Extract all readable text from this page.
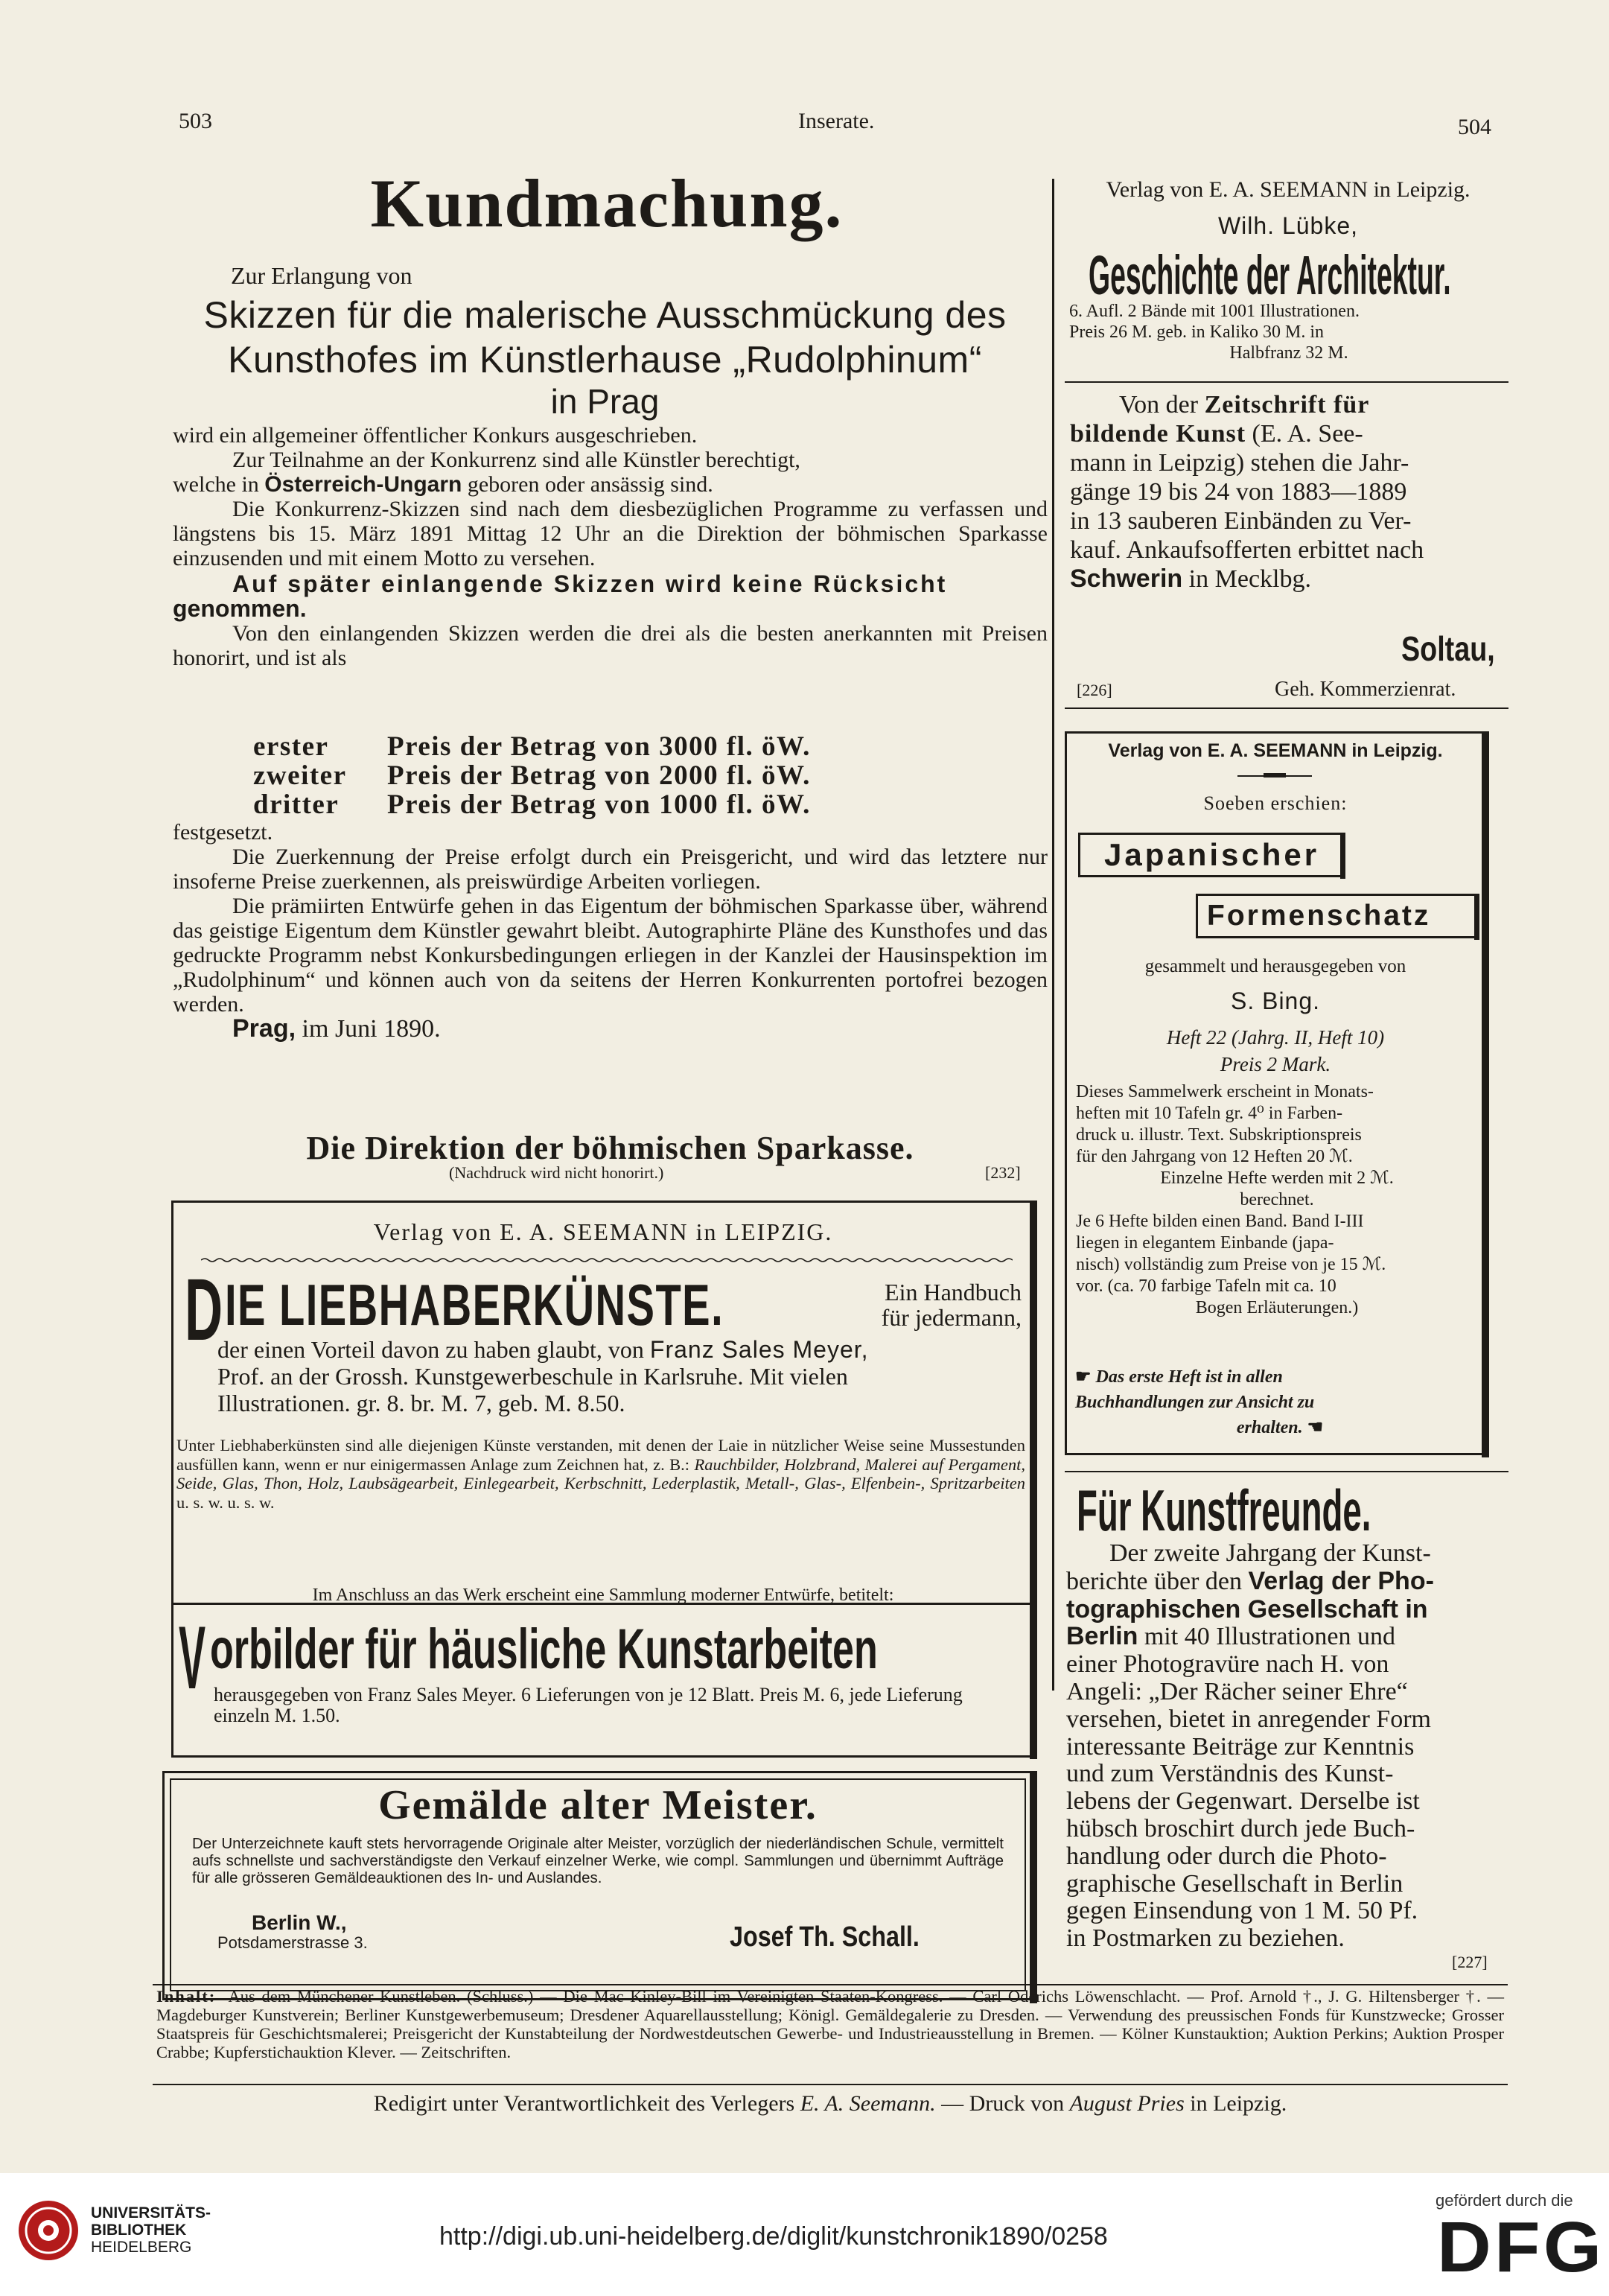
503	Inserate.	504
Kundmachung.
Zur Erlangung von
Skizzen für die malerische Ausschmückung des
Kunsthofes im Künstlerhause „Rudolphinum“
in Prag

wird ein allgemeiner öffentlicher Konkurs ausgeschrieben.

Zur Teilnahme an der Konkurrenz sind alle Künstler berechtigt,

welche in Österreich-Ungarn geboren oder ansässig sind.

Die Konkurrenz-Skizzen sind nach dem diesbezüglichen Programme zu verfassen und längstens bis 15. März 1891 Mittag 12 Uhr an die Direktion der böhmischen Sparkasse einzusenden und mit einem Motto zu versehen.

Auf später einlangende Skizzen wird keine Rücksicht

genommen.

Von den einlangenden Skizzen werden die drei als die besten anerkannten mit Preisen honorirt, und ist als

erster Preis der Betrag von 3000 fl. öW.
zweiter Preis der Betrag von 2000 fl. öW.
dritter Preis der Betrag von 1000 fl. öW.

festgesetzt.

Die Zuerkennung der Preise erfolgt durch ein Preisgericht, und wird das letztere nur insoferne Preise zuerkennen, als preiswürdige Arbeiten vorliegen.

Die prämiirten Entwürfe gehen in das Eigentum der böhmischen Sparkasse über, während das geistige Eigentum dem Künstler gewahrt bleibt. Autographirte Pläne des Kunsthofes und das gedruckte Programm nebst Konkursbedingungen erliegen in der Kanzlei der Hausinspektion im „Rudolphinum“ und können auch von da seitens der Herren Konkurrenten portofrei bezogen werden.

Prag, im Juni 1890.

Die Direktion der böhmischen Sparkasse.
(Nachdruck wird nicht honorirt.)	[232]
Verlag von E. A. SEEMANN in LEIPZIG.
D IE LIEBHABERKÜNSTE.	Ein Handbuch
für jedermann,
der einen Vorteil davon zu haben glaubt, von Franz Sales Meyer,
Prof. an der Grossh. Kunstgewerbeschule in Karlsruhe. Mit vielen
Illustrationen. gr. 8. br. M. 7, geb. M. 8.50.
Unter Liebhaberkünsten sind alle diejenigen Künste verstanden, mit denen der Laie in nützlicher Weise seine Mussestunden ausfüllen kann, wenn er nur einigermassen Anlage zum Zeichnen hat, z. B.: Rauchbilder, Holzbrand, Malerei auf Pergament, Seide, Glas, Thon, Holz, Laubsägearbeit, Einlegearbeit, Kerbschnitt, Lederplastik, Metall-, Glas-, Elfenbein-, Spritzarbeiten u. s. w. u. s. w.
Im Anschluss an das Werk erscheint eine Sammlung moderner Entwürfe, betitelt:
V orbilder für häusliche Kunstarbeiten
herausgegeben von Franz Sales Meyer. 6 Lieferungen von je 12 Blatt. Preis M. 6, jede Lieferung einzeln M. 1.50.
Gemälde alter Meister.
Der Unterzeichnete kauft stets hervorragende Originale alter Meister, vorzüglich der niederländischen Schule, vermittelt aufs schnellste und sachverständigste den Verkauf einzelner Werke, wie compl. Sammlungen und übernimmt Aufträge für alle grösseren Gemäldeauktionen des In- und Auslandes.
Berlin W.,
Potsdamerstrasse 3.	Josef Th. Schall.
Verlag von E. A. SEEMANN in Leipzig.
Wilh. Lübke,
Geschichte der Architektur.
6. Aufl. 2 Bände mit 1001 Illustrationen.
Preis 26 M. geb. in Kaliko 30 M. in
Halbfranz 32 M.
Von der Zeitschrift für
bildende Kunst (E. A. See-
mann in Leipzig) stehen die Jahr-
gänge 19 bis 24 von 1883—1889
in 13 sauberen Einbänden zu Ver-
kauf. Ankaufsofferten erbittet nach
Schwerin in Mecklbg.
Soltau,
[226]	Geh. Kommerzienrat.
Verlag von E. A. SEEMANN in Leipzig.
Soeben erschien:
Japanischer
Formenschatz
gesammelt und herausgegeben von
S. Bing.
Heft 22 (Jahrg. II, Heft 10)
Preis 2 Mark.
Dieses Sammelwerk erscheint in Monats-
heften mit 10 Tafeln gr. 4⁰ in Farben-
druck u. illustr. Text. Subskriptionspreis
für den Jahrgang von 12 Heften 20 ℳ.
Einzelne Hefte werden mit 2 ℳ.
berechnet.
Je 6 Hefte bilden einen Band. Band I-III
liegen in elegantem Einbande (japa-
nisch) vollständig zum Preise von je 15 ℳ.
vor. (ca. 70 farbige Tafeln mit ca. 10
Bogen Erläuterungen.)
☛ Das erste Heft ist in allen
Buchhandlungen zur Ansicht zu
erhalten. ☚
Für Kunstfreunde.
Der zweite Jahrgang der Kunst-
berichte über den Verlag der Pho-
tographischen Gesellschaft in
Berlin mit 40 Illustrationen und
einer Photogravüre nach H. von
Angeli: „Der Rächer seiner Ehre“
versehen, bietet in anregender Form
interessante Beiträge zur Kenntnis
und zum Verständnis des Kunst-
lebens der Gegenwart. Derselbe ist
hübsch broschirt durch jede Buch-
handlung oder durch die Photo-
graphische Gesellschaft in Berlin
gegen Einsendung von 1 M. 50 Pf.
in Postmarken zu beziehen.
[227]
Inhalt: Aus dem Münchener Kunstleben. (Schluss.) — Die Mac Kinley-Bill im Vereinigten Staaten-Kongress. — Carl Oderichs Löwenschlacht. — Prof. Arnold †., J. G. Hiltensberger †. — Magdeburger Kunstverein; Berliner Kunstgewerbemuseum; Dresdener Aquarellausstellung; Königl. Gemäldegalerie zu Dresden. — Verwendung des preussischen Fonds für Kunstzwecke; Grosser Staatspreis für Geschichtsmalerei; Preisgericht der Kunstabteilung der Nordwestdeutschen Gewerbe- und Industrieausstellung in Bremen. — Kölner Kunstauktion; Auktion Perkins; Auktion Prosper Crabbe; Kupferstichauktion Klever. — Zeitschriften.
Redigirt unter Verantwortlichkeit des Verlegers E. A. Seemann. — Druck von August Pries in Leipzig.
UNIVERSITÄTS-
BIBLIOTHEK
HEIDELBERG	http://digi.ub.uni-heidelberg.de/diglit/kunstchronik1890/0258
gefördert durch die
DFG
